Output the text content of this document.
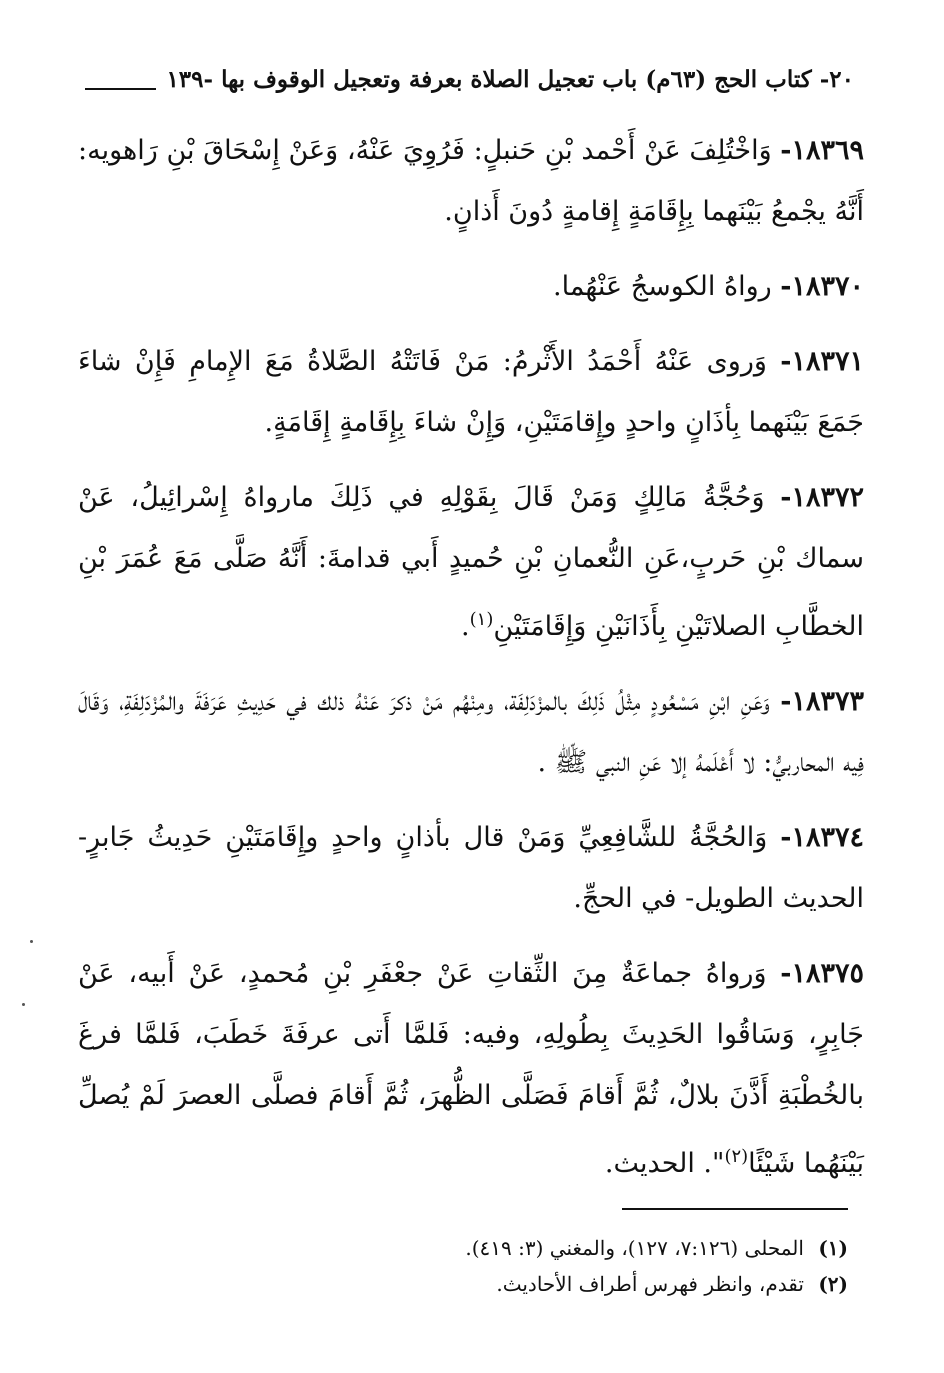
٢٠- كتاب الحج (٦٣م) باب تعجيل الصلاة بعرفة وتعجيل الوقوف بها -١٣٩

١٨٣٦٩- وَاخْتُلِفَ عَنْ أَحْمد بْنِ حَنبلٍ: فَرُوِيَ عَنْهُ، وَعَنْ إِسْحَاقَ بْنِ رَاهويه: أَنَّهُ يجْمعُ بَيْنَهما بِإِقَامَةٍ إِقامةٍ دُونَ أَذانٍ.

١٨٣٧٠- رواهُ الكوسجُ عَنْهُما.

١٨٣٧١- وَروى عَنْهُ أَحْمَدُ الأَثْرمُ: مَنْ فَاتَتْهُ الصَّلاةُ مَعَ الإِمامِ فَإِنْ شاءَ جَمَعَ بَيْنَهما بِأذَانٍ واحدٍ وإِقامَتَيْنِ، وَإِنْ شاءَ بِإِقَامةٍ إِقَامَةٍ.

١٨٣٧٢- وَحُجَّةُ مَالِكٍ وَمَنْ قَالَ بِقَوْلِهِ في ذَلِكَ مارواهُ إِسْرائِيلُ، عَنْ سماك بْنِ حَربٍ،عَنِ النُّعمانِ بْنِ حُميدٍ أَبي قدامةَ: أَنَّهُ صَلَّى مَعَ عُمَرَ بْنِ الخطَّابِ الصلاتَيْنِ بِأَذَانَيْنِ وَإِقَامَتَيْنِ$^{(١)}$.

١٨٣٧٣- وَعَنِ ابْنِ مَسْعُودٍ مِثْلُ ذَلِكَ بالمزْدَلِفَة، ومِنْهُم مَنْ ذكرَ عَنْهُ ذلك في حَدِيثِ عَرَفَةَ والمُزْدَلِفَةِ، وَقَالَ فِيه المحاربيُّ: لا أَعْلَمهُ إلا عَنِ النبي ﷺ .

١٨٣٧٤- وَالحُجَّةُ للشَّافِعِيِّ وَمَنْ قال بأذانٍ واحدٍ وإِقَامَتَيْنِ حَدِيثُ جَابرٍ- الحديث الطويل- في الحجِّ.

١٨٣٧٥- وَرواهُ جماعَةٌ مِنَ الثِّقاتِ عَنْ جعْفَرِ بْنِ مُحمدٍ، عَنْ أَبيه، عَنْ جَابِرٍ، وَسَاقُوا الحَدِيثَ بِطُولِهِ، وفيه: فَلمَّا أَتى عرفَةَ خَطَبَ، فَلمَّا فرغَ بالخُطْبَةِ أَذَّنَ بلالٌ، ثُمَّ أَقامَ فَصَلَّى الظُّهرَ، ثُمَّ أَقامَ فصلَّى العصرَ لَمْ يُصلِّ بَيْنَهُما شَيْئًا$^{(٢)}$". الحديث.

(١) المحلى (٧:١٢٦، ١٢٧)، والمغني (٣: ٤١٩).

(٢) تقدم، وانظر فهرس أطراف الأحاديث.
